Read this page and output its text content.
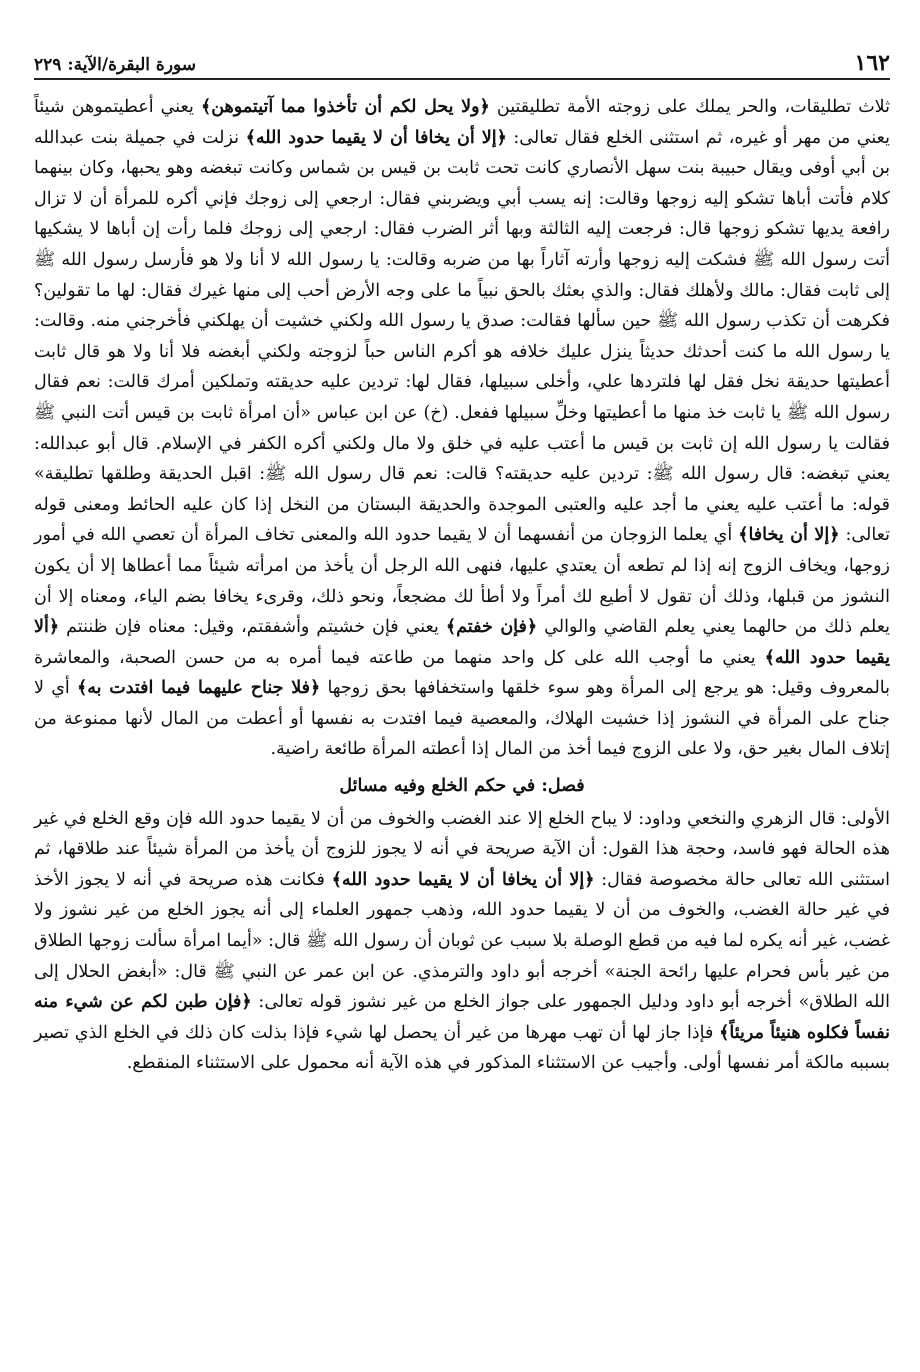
١٦٢
سورة البقرة/الآية: ٢٢٩

ثلاث تطليقات، والحر يملك على زوجته الأمة تطليقتين ﴿ولا يحل لكم أن تأخذوا مما آتيتموهن﴾ يعني أعطيتموهن شيئاً يعني من مهر أو غيره، ثم استثنى الخلع فقال تعالى: ﴿إلا أن يخافا أن لا يقيما حدود الله﴾ نزلت في جميلة بنت عبدالله بن أبي أوفى ويقال حبيبة بنت سهل الأنصاري كانت تحت ثابت بن قيس بن شماس وكانت تبغضه وهو يحبها، وكان بينهما كلام فأتت أباها تشكو إليه زوجها وقالت: إنه يسب أبي ويضربني فقال: ارجعي إلى زوجك فإني أكره للمرأة أن لا تزال رافعة يديها تشكو زوجها قال: فرجعت إليه الثالثة وبها أثر الضرب فقال: ارجعي إلى زوجك فلما رأت إن أباها لا يشكيها أتت رسول الله ﷺ فشكت إليه زوجها وأرته آثاراً بها من ضربه وقالت: يا رسول الله لا أنا ولا هو فأرسل رسول الله ﷺ إلى ثابت فقال: مالك ولأهلك فقال: والذي بعثك بالحق نبياً ما على وجه الأرض أحب إلى منها غيرك فقال: لها ما تقولين؟ فكرهت أن تكذب رسول الله ﷺ حين سألها فقالت: صدق يا رسول الله ولكني خشيت أن يهلكني فأخرجني منه. وقالت: يا رسول الله ما كنت أحدثك حديثاً ينزل عليك خلافه هو أكرم الناس حباً لزوجته ولكني أبغضه فلا أنا ولا هو قال ثابت أعطيتها حديقة نخل فقل لها فلتردها علي، وأخلى سبيلها، فقال لها: تردين عليه حديقته وتملكين أمرك قالت: نعم فقال رسول الله ﷺ يا ثابت خذ منها ما أعطيتها وخلِّ سبيلها ففعل. (خ) عن ابن عباس «أن امرأة ثابت بن قيس أتت النبي ﷺ فقالت يا رسول الله إن ثابت بن قيس ما أعتب عليه في خلق ولا مال ولكني أكره الكفر في الإسلام. قال أبو عبدالله: يعني تبغضه: قال رسول الله ﷺ: تردين عليه حديقته؟ قالت: نعم قال رسول الله ﷺ: اقبل الحديقة وطلقها تطليقة» قوله: ما أعتب عليه يعني ما أجد عليه والعتبى الموجدة والحديقة البستان من النخل إذا كان عليه الحائط ومعنى قوله تعالى: ﴿إلا أن يخافا﴾ أي يعلما الزوجان من أنفسهما أن لا يقيما حدود الله والمعنى تخاف المرأة أن تعصي الله في أمور زوجها، ويخاف الزوج إنه إذا لم تطعه أن يعتدي عليها، فنهى الله الرجل أن يأخذ من امرأته شيئاً مما أعطاها إلا أن يكون النشوز من قبلها، وذلك أن تقول لا أطيع لك أمراً ولا أطأ لك مضجعاً، ونحو ذلك، وقرىء يخافا بضم الياء، ومعناه إلا أن يعلم ذلك من حالهما يعني يعلم القاضي والوالي ﴿فإن خفتم﴾ يعني فإن خشيتم وأشفقتم، وقيل: معناه فإن ظننتم ﴿ألا يقيما حدود الله﴾ يعني ما أوجب الله على كل واحد منهما من طاعته فيما أمره به من حسن الصحبة، والمعاشرة بالمعروف وقيل: هو يرجع إلى المرأة وهو سوء خلقها واستخفافها بحق زوجها ﴿فلا جناح عليهما فيما افتدت به﴾ أي لا جناح على المرأة في النشوز إذا خشيت الهلاك، والمعصية فيما افتدت به نفسها أو أعطت من المال لأنها ممنوعة من إتلاف المال بغير حق، ولا على الزوج فيما أخذ من المال إذا أعطته المرأة طائعة راضية.

فصل: في حكم الخلع وفيه مسائل

الأولى: قال الزهري والنخعي وداود: لا يباح الخلع إلا عند الغضب والخوف من أن لا يقيما حدود الله فإن وقع الخلع في غير هذه الحالة فهو فاسد، وحجة هذا القول: أن الآية صريحة في أنه لا يجوز للزوج أن يأخذ من المرأة شيئاً عند طلاقها، ثم استثنى الله تعالى حالة مخصوصة فقال: ﴿إلا أن يخافا أن لا يقيما حدود الله﴾ فكانت هذه صريحة في أنه لا يجوز الأخذ في غير حالة الغضب، والخوف من أن لا يقيما حدود الله، وذهب جمهور العلماء إلى أنه يجوز الخلع من غير نشوز ولا غضب، غير أنه يكره لما فيه من قطع الوصلة بلا سبب عن ثوبان أن رسول الله ﷺ قال: «أيما امرأة سألت زوجها الطلاق من غير بأس فحرام عليها رائحة الجنة» أخرجه أبو داود والترمذي. عن ابن عمر عن النبي ﷺ قال: «أبغض الحلال إلى الله الطلاق» أخرجه أبو داود ودليل الجمهور على جواز الخلع من غير نشوز قوله تعالى: ﴿فإن طبن لكم عن شيء منه نفساً فكلوه هنيئاً مريئاً﴾ فإذا جاز لها أن تهب مهرها من غير أن يحصل لها شيء فإذا بذلت كان ذلك في الخلع الذي تصير بسببه مالكة أمر نفسها أولى. وأجيب عن الاستثناء المذكور في هذه الآية أنه محمول على الاستثناء المنقطع.
